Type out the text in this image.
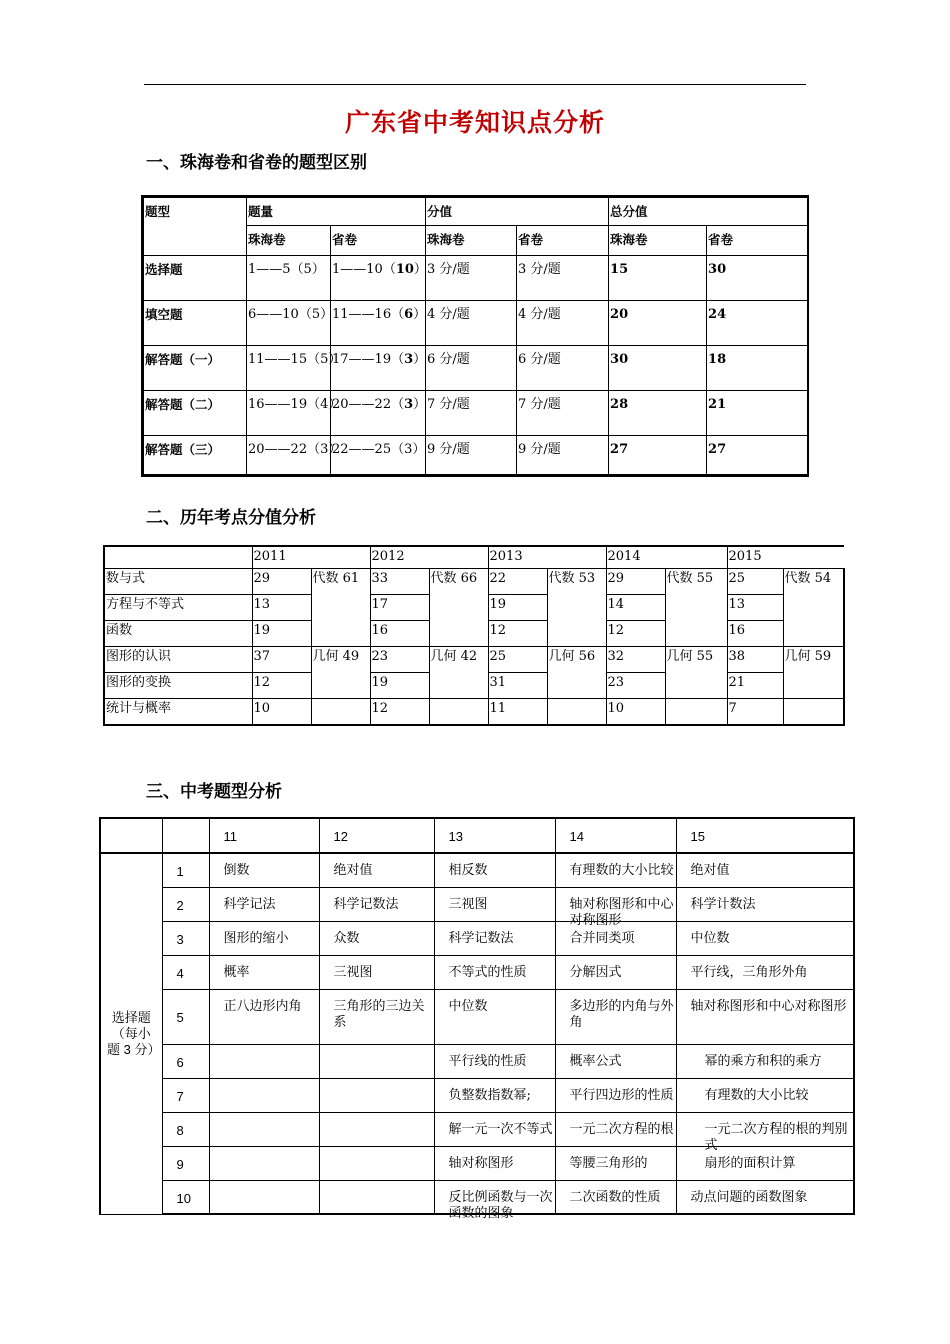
广东省中考知识点分析
一、珠海卷和省卷的题型区别
题型	题量		分值		总分值	
	珠海卷	省卷	珠海卷	省卷	珠海卷	省卷
选择题	1——5（5）	1——10（10）	3 分/题	3 分/题	15	30
填空题	6——10（5）	11——16（6）	4 分/题	4 分/题	20	24
解答题（一）	11——15（5）	17——19（3）	6 分/题	6 分/题	30	18
解答题（二）	16——19（4）	20——22（3）	7 分/题	7 分/题	28	21
解答题（三）	20——22（3）	22——25（3）	9 分/题	9 分/题	27	27
二、历年考点分值分析
	2011		2012		2013		2014		2015	
数与式	29	代数 61	33	代数 66	22	代数 53	29	代数 55	25	代数 54
方程与不等式	13		17		19		14		13	
函数	19		16		12		12		16	
图形的认识	37	几何 49	23	几何 42	25	几何 56	32	几何 55	38	几何 59
图形的变换	12		19		31		23		21	
统计与概率	10		12		11		10		7	
三、中考题型分析
		11	12	13	14	15
选择题（每小题 3 分）	1	倒数	绝对值	相反数	有理数的大小比较	绝对值

	2	科学记法	科学记数法	三视图	轴对称图形和中心对称图形	科学计数法

	3	图形的缩小	众数	科学记数法	合并同类项	中位数

	4	概率	三视图	不等式的性质	分解因式	平行线，三角形外角

	5	正八边形内角	三角形的三边关系	中位数	多边形的内角与外角	轴对称图形和中心对称图形
	6			平行线的性质	概率公式	幂的乘方和积的乘方

	7			负整数指数幂;	平行四边形的性质	有理数的大小比较

	8			解一元一次不等式	一元二次方程的根	一元二次方程的根的判别式

	9			轴对称图形	等腰三角形的	扇形的面积计算

	10			反比例函数与一次函数的图象	二次函数的性质	动点问题的函数图象
